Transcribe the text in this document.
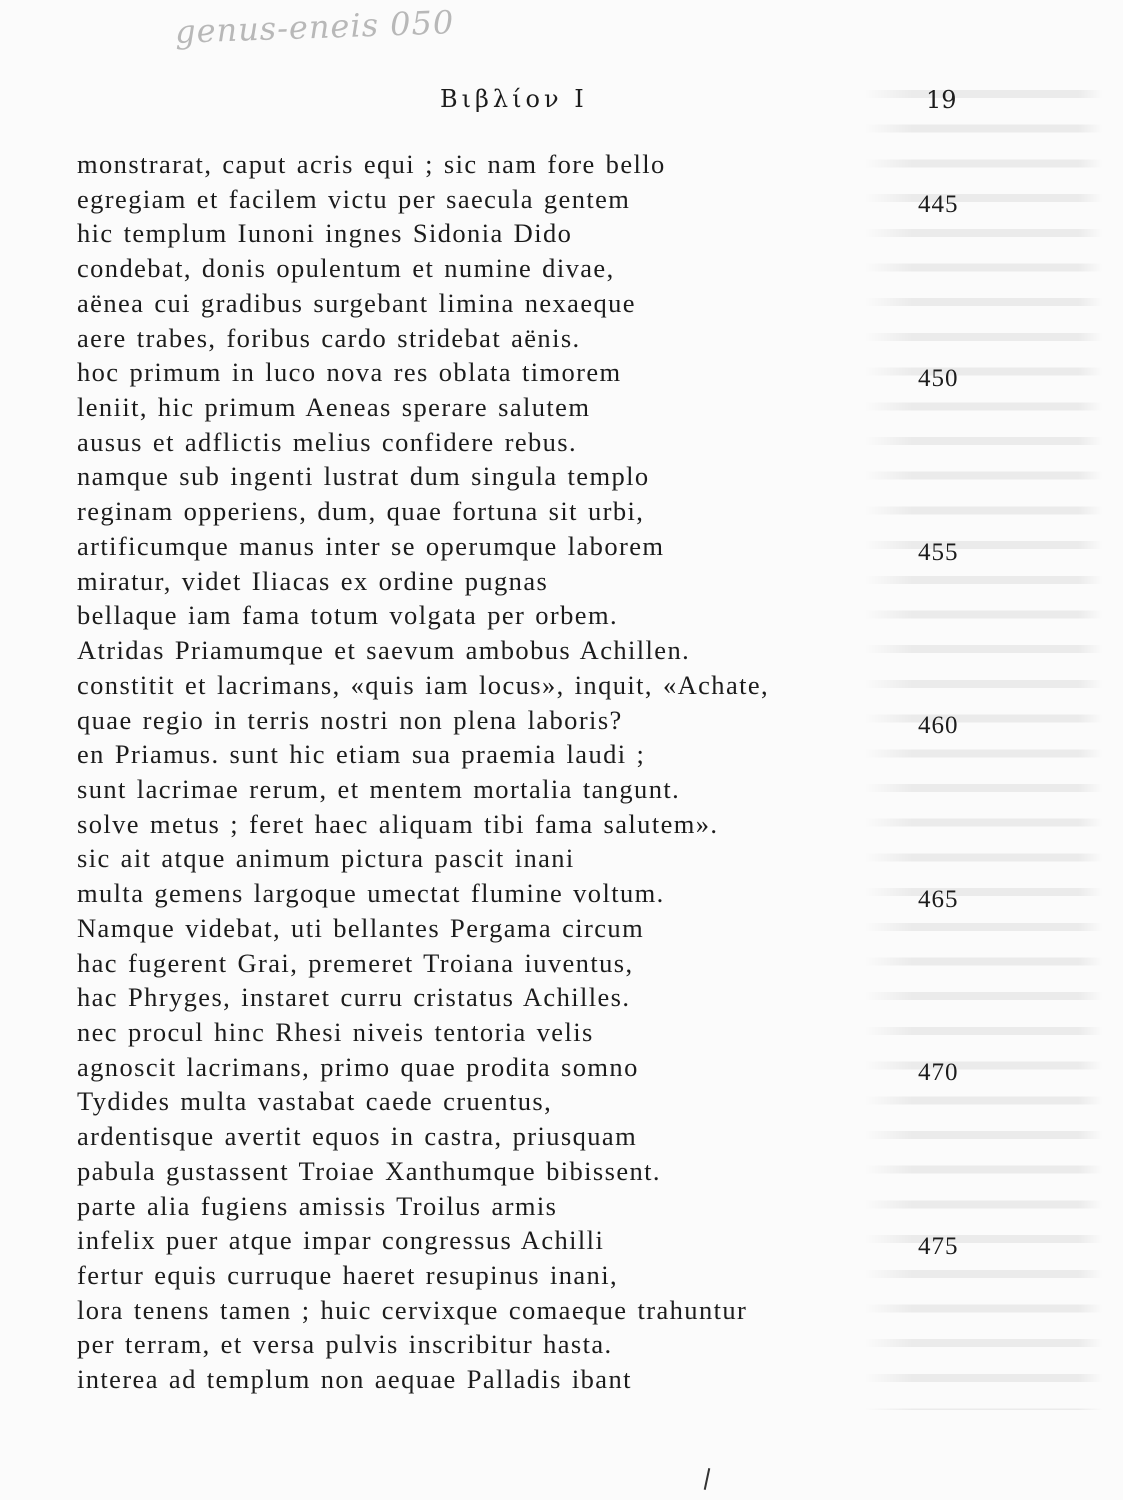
genus-eneis 050
Βιβλίον I	19
monstrarat, caput acris equi ; sic nam fore bello
egregiam et facilem victu per saecula gentem
hic templum Iunoni ingnes Sidonia Dido
condebat, donis opulentum et numine divae,
aënea cui gradibus surgebant limina nexaeque
aere trabes, foribus cardo stridebat aënis.
hoc primum in luco nova res oblata timorem
leniit, hic primum Aeneas sperare salutem
ausus et adflictis melius confidere rebus.
namque sub ingenti lustrat dum singula templo
reginam opperiens, dum, quae fortuna sit urbi,
artificumque manus inter se operumque laborem
miratur, videt Iliacas ex ordine pugnas
bellaque iam fama totum volgata per orbem.
Atridas Priamumque et saevum ambobus Achillen.
constitit et lacrimans, «quis iam locus», inquit, «Achate,
quae regio in terris nostri non plena laboris?
en Priamus. sunt hic etiam sua praemia laudi ;
sunt lacrimae rerum, et mentem mortalia tangunt.
solve metus ; feret haec aliquam tibi fama salutem».
sic ait atque animum pictura pascit inani
multa gemens largoque umectat flumine voltum.
Namque videbat, uti bellantes Pergama circum
hac fugerent Grai, premeret Troiana iuventus,
hac Phryges, instaret curru cristatus Achilles.
nec procul hinc Rhesi niveis tentoria velis
agnoscit lacrimans, primo quae prodita somno
Tydides multa vastabat caede cruentus,
ardentisque avertit equos in castra, priusquam
pabula gustassent Troiae Xanthumque bibissent.
parte alia fugiens amissis Troilus armis
infelix puer atque impar congressus Achilli
fertur equis curruque haeret resupinus inani,
lora tenens tamen ; huic cervixque comaeque trahuntur
per terram, et versa pulvis inscribitur hasta.
interea ad templum non aequae Palladis ibant
445
450
455
460
465
470
475
